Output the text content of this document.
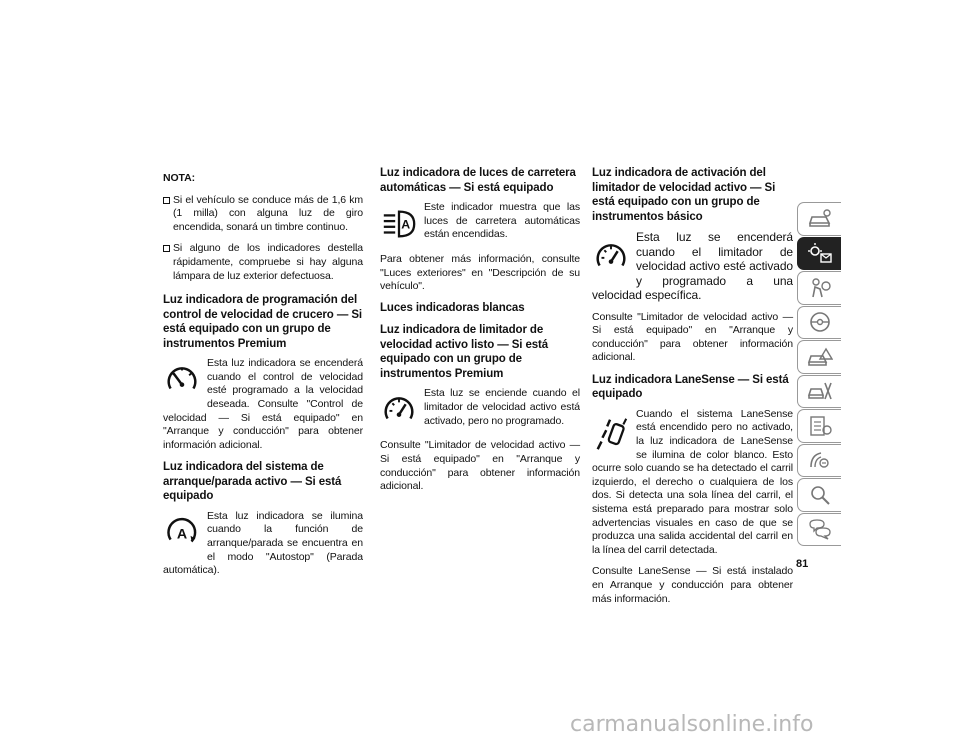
NOTA:
Si el vehículo se conduce más de 1,6 km (1 milla) con alguna luz de giro encendida, sonará un timbre continuo.
Si alguno de los indicadores destella rápidamente, compruebe si hay alguna lámpara de luz exterior defectuosa.
Luz indicadora de programación del control de velocidad de crucero — Si está equipado con un grupo de instrumentos Premium

Esta luz indicadora se encenderá cuando el control de velocidad esté programado a la velocidad deseada. Consulte "Control de velocidad — Si está equipado" en "Arranque y conducción" para obtener información adicional.

Luz indicadora del sistema de arranque/parada activo — Si está equipado
A

Esta luz indicadora se ilumina cuando la función de arranque/parada se encuentra en el modo "Autostop" (Parada automática).

Luz indicadora de luces de carretera automáticas — Si está equipado
A

Este indicador muestra que las luces de carretera automáticas están encendidas.

Para obtener más información, consulte "Luces exteriores" en "Descripción de su vehículo".

Luces indicadoras blancas
Luz indicadora de limitador de velocidad activo listo — Si está equipado con un grupo de instrumentos Premium

Esta luz se enciende cuando el limitador de velocidad activo está activado, pero no programado.

Consulte "Limitador de velocidad activo — Si está equipado" en "Arranque y conducción" para obtener información adicional.

Luz indicadora de activación del limitador de velocidad activo — Si está equipado con un grupo de instrumentos básico

Esta luz se encenderá cuando el limitador de velocidad activo esté activado y programado a una velocidad específica.

Consulte "Limitador de velocidad activo — Si está equipado" en "Arranque y conducción" para obtener información adicional.

Luz indicadora LaneSense — Si está equipado

Cuando el sistema LaneSense está encendido pero no activado, la luz indicadora de LaneSense se ilumina de color blanco. Esto ocurre solo cuando se ha detectado el carril izquierdo, el derecho o cualquiera de los dos. Si detecta una sola línea del carril, el sistema está preparado para mostrar solo advertencias visuales en caso de que se produzca una salida accidental del carril en la línea del carril detectada.

Consulte LaneSense — Si está instalado en Arranque y conducción para obtener más información.

81
carmanualsonline.info
